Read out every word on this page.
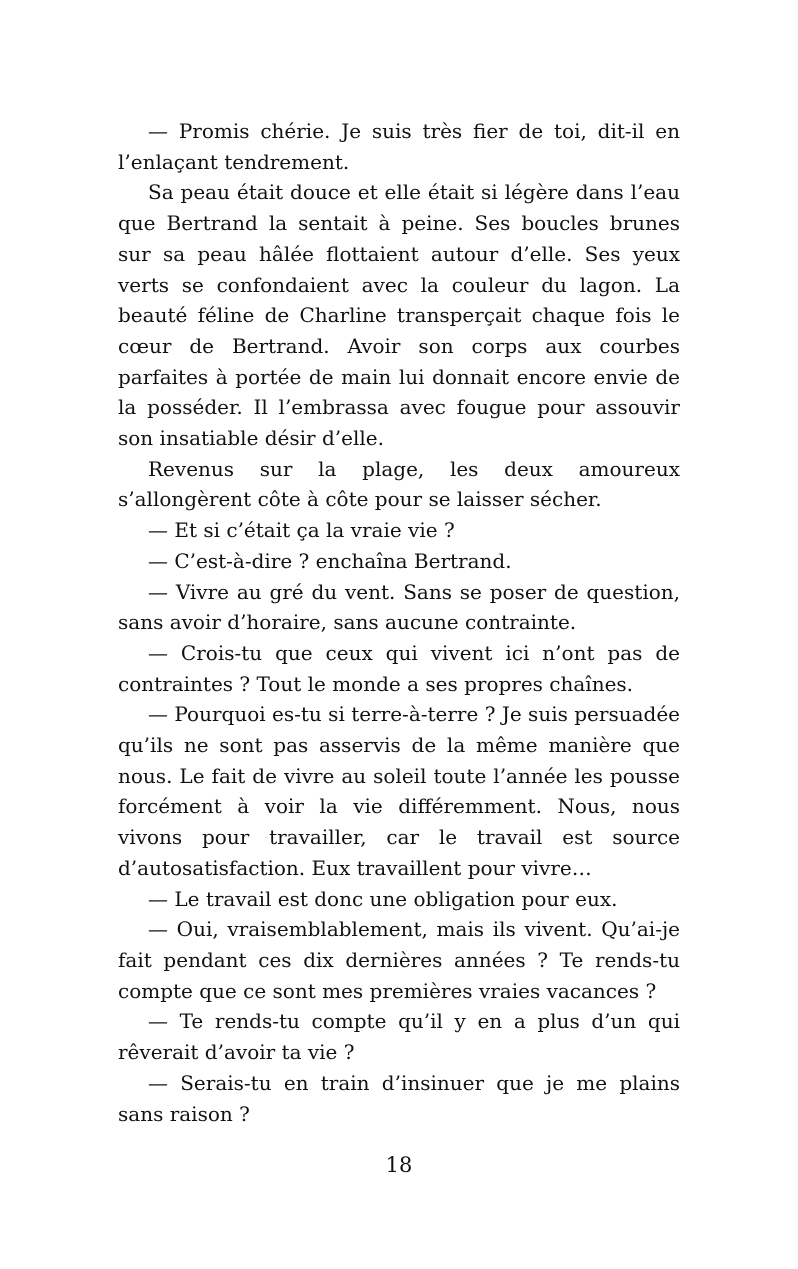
— Promis chérie. Je suis très fier de toi, dit-il en l’enlaçant tendrement.

Sa peau était douce et elle était si légère dans l’eau que Bertrand la sentait à peine. Ses boucles brunes sur sa peau hâlée flottaient autour d’elle. Ses yeux verts se confondaient avec la couleur du lagon. La beauté féline de Charline transperçait chaque fois le cœur de Bertrand. Avoir son corps aux courbes parfaites à portée de main lui donnait encore envie de la posséder. Il l’embrassa avec fougue pour assouvir son insatiable désir d’elle.

Revenus sur la plage, les deux amoureux s’allongèrent côte à côte pour se laisser sécher.

— Et si c’était ça la vraie vie ?

— C’est-à-dire ? enchaîna Bertrand.

— Vivre au gré du vent. Sans se poser de question, sans avoir d’horaire, sans aucune contrainte.

— Crois-tu que ceux qui vivent ici n’ont pas de contraintes ? Tout le monde a ses propres chaînes.

— Pourquoi es-tu si terre-à-terre ? Je suis persuadée qu’ils ne sont pas asservis de la même manière que nous. Le fait de vivre au soleil toute l’année les pousse forcément à voir la vie différemment. Nous, nous vivons pour travailler, car le travail est source d’autosatisfaction. Eux travaillent pour vivre…

— Le travail est donc une obligation pour eux.

— Oui, vraisemblablement, mais ils vivent. Qu’ai-je fait pendant ces dix dernières années ? Te rends-tu compte que ce sont mes premières vraies vacances ?

— Te rends-tu compte qu’il y en a plus d’un qui rêverait d’avoir ta vie ?

— Serais-tu en train d’insinuer que je me plains sans raison ?

18
